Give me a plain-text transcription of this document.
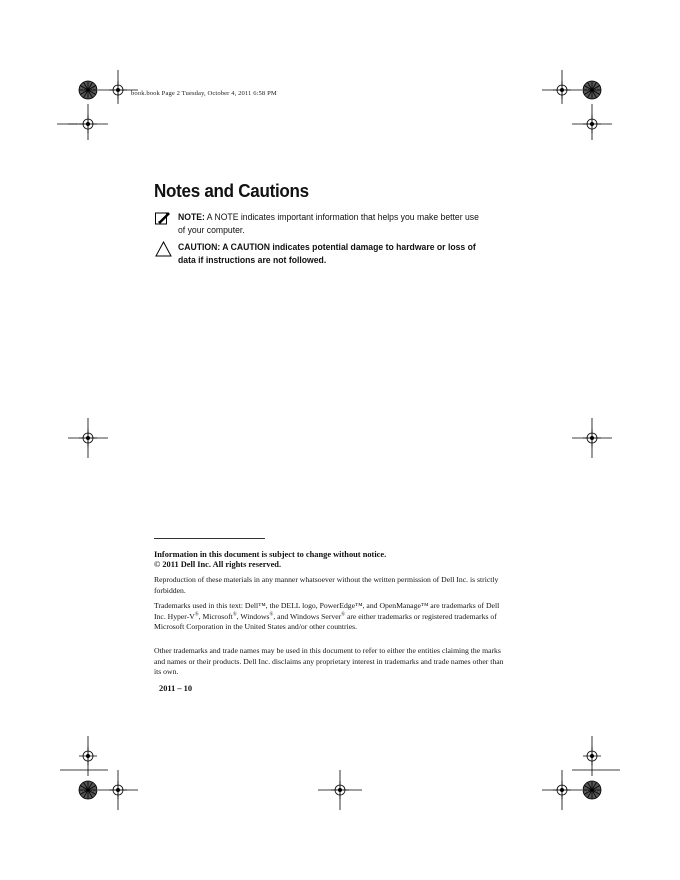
book.book Page 2 Tuesday, October 4, 2011 6:58 PM
Notes and Cautions
NOTE: A NOTE indicates important information that helps you make better use of your computer.
CAUTION: A CAUTION indicates potential damage to hardware or loss of data if instructions are not followed.
Information in this document is subject to change without notice.
© 2011 Dell Inc. All rights reserved.
Reproduction of these materials in any manner whatsoever without the written permission of Dell Inc. is strictly forbidden.
Trademarks used in this text: Dell™, the DELL logo, PowerEdge™, and OpenManage™ are trademarks of Dell Inc. Hyper-V®, Microsoft®, Windows®, and Windows Server® are either trademarks or registered trademarks of Microsoft Corporation in the United States and/or other countries.
Other trademarks and trade names may be used in this document to refer to either the entities claiming the marks and names or their products. Dell Inc. disclaims any proprietary interest in trademarks and trade names other than its own.
2011 – 10
